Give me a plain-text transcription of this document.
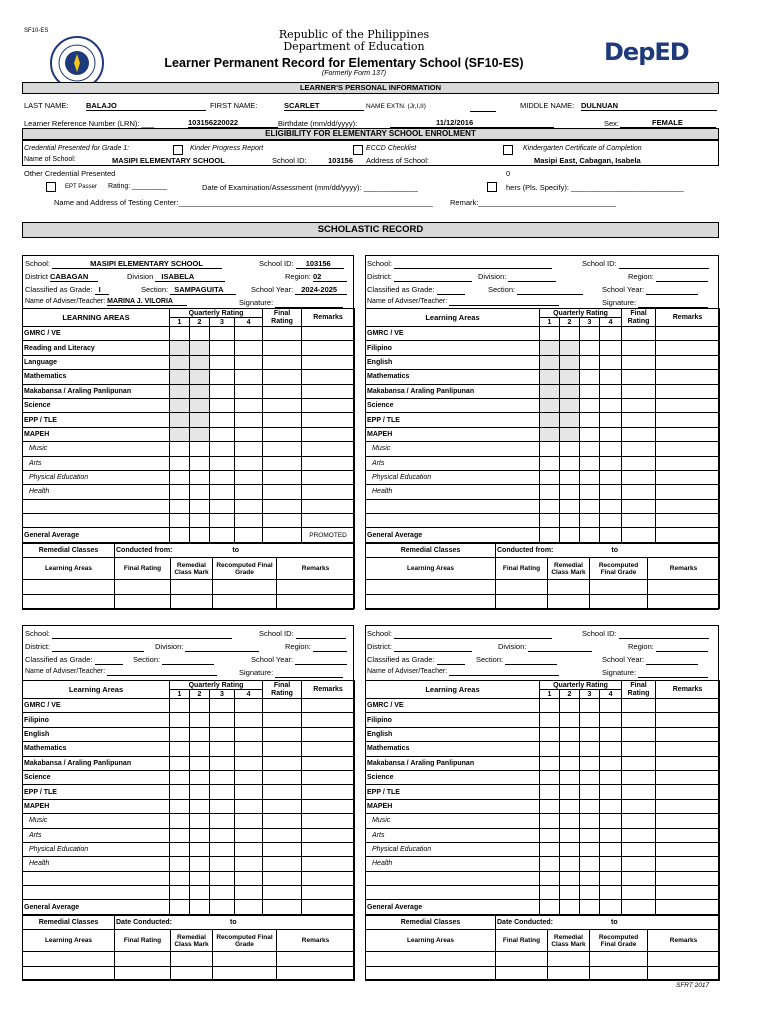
SF10-ES	Republic of the Philippines
Department of Education
Learner Permanent Record for Elementary School (SF10-ES)
(Formerly Form 137)
DepED
LEARNER'S PERSONAL INFORMATION
LAST NAME: BALAJO	FIRST NAME:	SCARLET	NAME EXTN. (Jr,I,II)	MIDDLE NAME: DULNUAN
Learner Reference Number (LRN): ___	103156220022	Birthdate (mm/dd/yyyy):	11/12/2016	Sex:	FEMALE
ELIGIBILITY FOR ELEMENTARY SCHOOL ENROLMENT
Credential Presented for Grade 1:	Kinder Progress Report	ECCD Checklist	Kindergarten Certificate of Completion
Name of School:	MASIPI ELEMENTARY SCHOOL	School ID:	103156 Address of School:	Masipi East, Cabagan, Isabela
Other Credential Presented	0
EPT Passer Rating: _________	Date of Examination/Assessment (mm/dd/yyyy): _____________	hers (Pls. Specify): ___________________________
Name and Address of Testing Center:_____________________________________________________________ Remark:_________________________________
SCHOLASTIC RECORD
School:	MASIPI ELEMENTARY SCHOOL	School ID: 103156
District CABAGAN	Division ISABELA	Region: 02
Classified as Grade: I	Section: SAMPAGUITA	School Year: 2024-2025
Name of Adviser/Teacher: MARINA J. VILORIA	Signature:
LEARNING AREAS	Quarterly Rating				Final Rating	Remarks
	1	2	3	4		
GMRC / VE						
Reading and Literacy						
Language						
Mathematics						
Makabansa / Araling Panlipunan						
Science						
EPP / TLE						
MAPEH						
Music						
Arts						
Physical Education						
Health						

General Average						PROMOTED
Remedial Classes	Conducted from: to			
Learning Areas	Final Rating	Remedial Class Mark	Recomputed Final Grade	Remarks

School:	School ID:
District:	Division:	Region:
Classified as Grade:	Section:	School Year:
Name of Adviser/Teacher:	Signature:
Learning Areas	Quarterly Rating				Final Rating	Remarks
	1	2	3	4		
GMRC / VE						
Filipino						
English						
Mathematics						
Makabansa / Araling Panlipunan						
Science						
EPP / TLE						
MAPEH						
Music						
Arts						
Physical Education						
Health						

General Average						
Remedial Classes	Conducted from: to			
Learning Areas	Final Rating	Remedial Class Mark	Recomputed Final Grade	Remarks

School:	School ID:
District:	Division:	Region:
Classified as Grade:	Section:	School Year:
Name of Adviser/Teacher:	Signature:
Learning Areas	Quarterly Rating				Final Rating	Remarks
	1	2	3	4		
GMRC / VE						
Filipino						
English						
Mathematics						
Makabansa / Araling Panlipunan						
Science						
EPP / TLE						
MAPEH						
Music						
Arts						
Physical Education						
Health						

General Average						
Remedial Classes	Date Conducted: to			
Learning Areas	Final Rating	Remedial Class Mark	Recomputed Final Grade	Remarks

School:	School ID:
District:	Division:	Region:
Classified as Grade:	Section:	School Year:
Name of Adviser/Teacher:	Signature:
Learning Areas	Quarterly Rating				Final Rating	Remarks
	1	2	3	4		
GMRC / VE						
Filipino						
English						
Mathematics						
Makabansa / Araling Panlipunan						
Science						
EPP / TLE						
MAPEH						
Music						
Arts						
Physical Education						
Health						

General Average						
Remedial Classes	Date Conducted: to			
Learning Areas	Final Rating	Remedial Class Mark	Recomputed Final Grade	Remarks

SFRT 2017
